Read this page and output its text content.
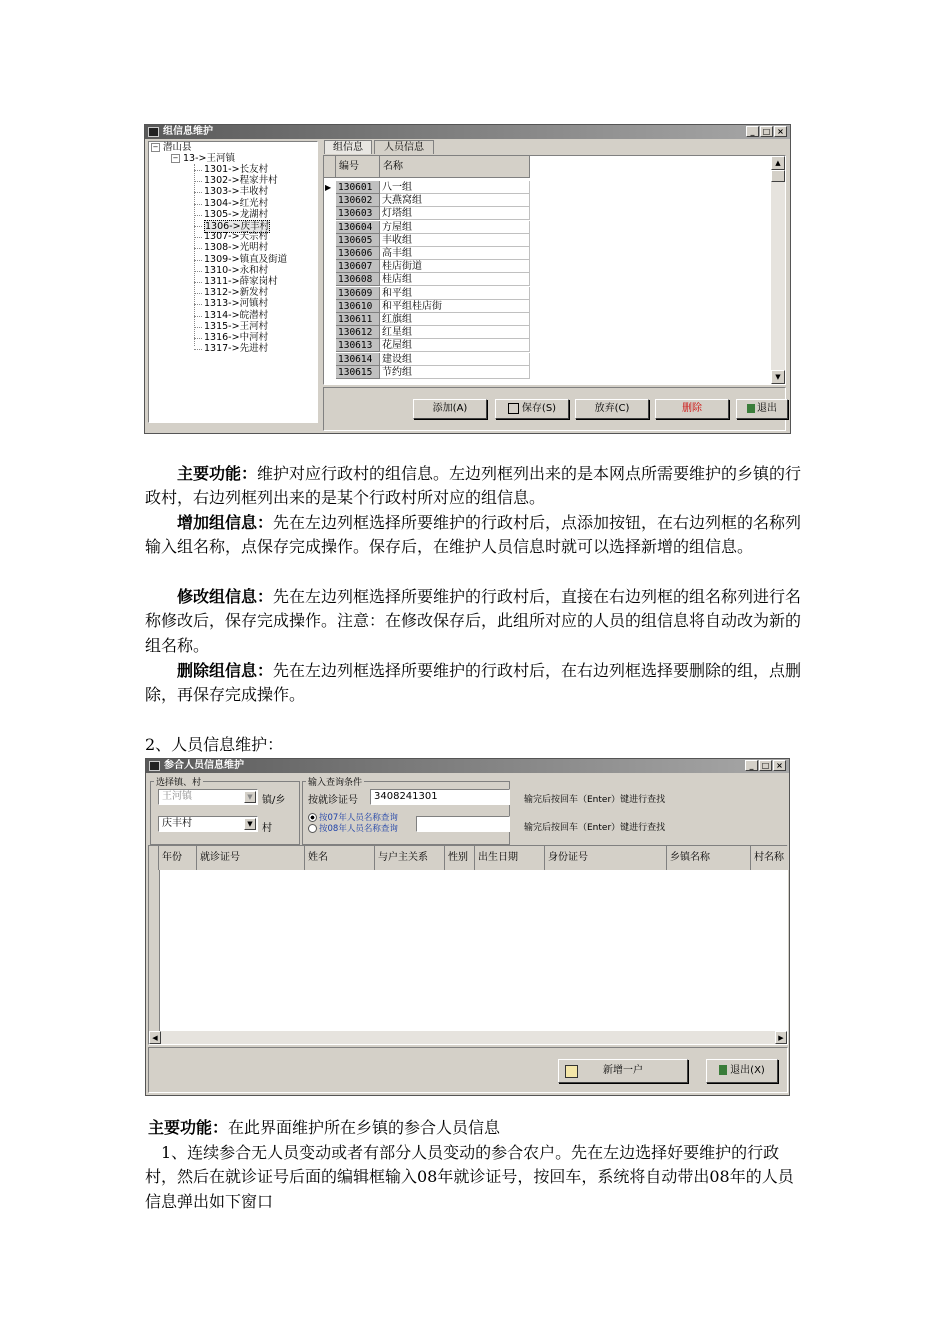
组信息维护	_	□ ×
− 潜山县
− 13->王河镇
1301->长友村
1302->程家井村
1303->丰收村
1304->红光村
1305->龙湖村
1306->庆丰村
1307->天宗村
1308->光明村
1309->镇直及街道
1310->永和村
1311->薛家岗村
1312->新发村
1313->河镇村
1314->皖潜村
1315->王河村
1316->中河村
1317->先进村
组信息	人员信息
编号	名称	▲
▼
▶ 130601 八一组
130602 大燕窝组
130603 灯塔组
130604 方屋组
130605 丰收组
130606 高丰组
130607 桂店街道
130608 桂店组
130609 和平组
130610 和平组桂店街
130611 红旗组
130612 红星组
130613 花屋组
130614 建设组
130615 节约组
添加(A)	保存(S)	放弃(C)	删除	退出
主要功能：维护对应行政村的组信息。左边列框列出来的是本网点所需要维护的乡镇的行政村，右边列框列出来的是某个行政村所对应的组信息。
增加组信息：先在左边列框选择所要维护的行政村后，点添加按钮，在右边列框的名称列输入组名称，点保存完成操作。保存后，在维护人员信息时就可以选择新增的组信息。
修改组信息：先在左边列框选择所要维护的行政村后，直接在右边列框的组名称列进行名称修改后，保存完成操作。注意：在修改保存后，此组所对应的人员的组信息将自动改为新的组名称。
删除组信息：先在左边列框选择所要维护的行政村后，在右边列框选择要删除的组，点删除，再保存完成操作。
2、人员信息维护：
参合人员信息维护	_	□ ×
选择镇、村
王河镇	▼ 镇/乡
庆丰村	▼ 村
输入查询条件
按就诊证号	3408241301
按07年人员名称查询
按08年人员名称查询
输完后按回车（Enter）键进行查找
输完后按回车（Enter）键进行查找
◀	▶
年份	就诊证号	姓名	与户主关系	性别	出生日期	身份证号	乡镇名称	村名称
新增一户	退出(X)
主要功能：在此界面维护所在乡镇的参合人员信息
1、连续参合无人员变动或者有部分人员变动的参合农户。先在左边选择好要维护的行政村，然后在就诊证号后面的编辑框输入08年就诊证号，按回车，系统将自动带出08年的人员信息弹出如下窗口
